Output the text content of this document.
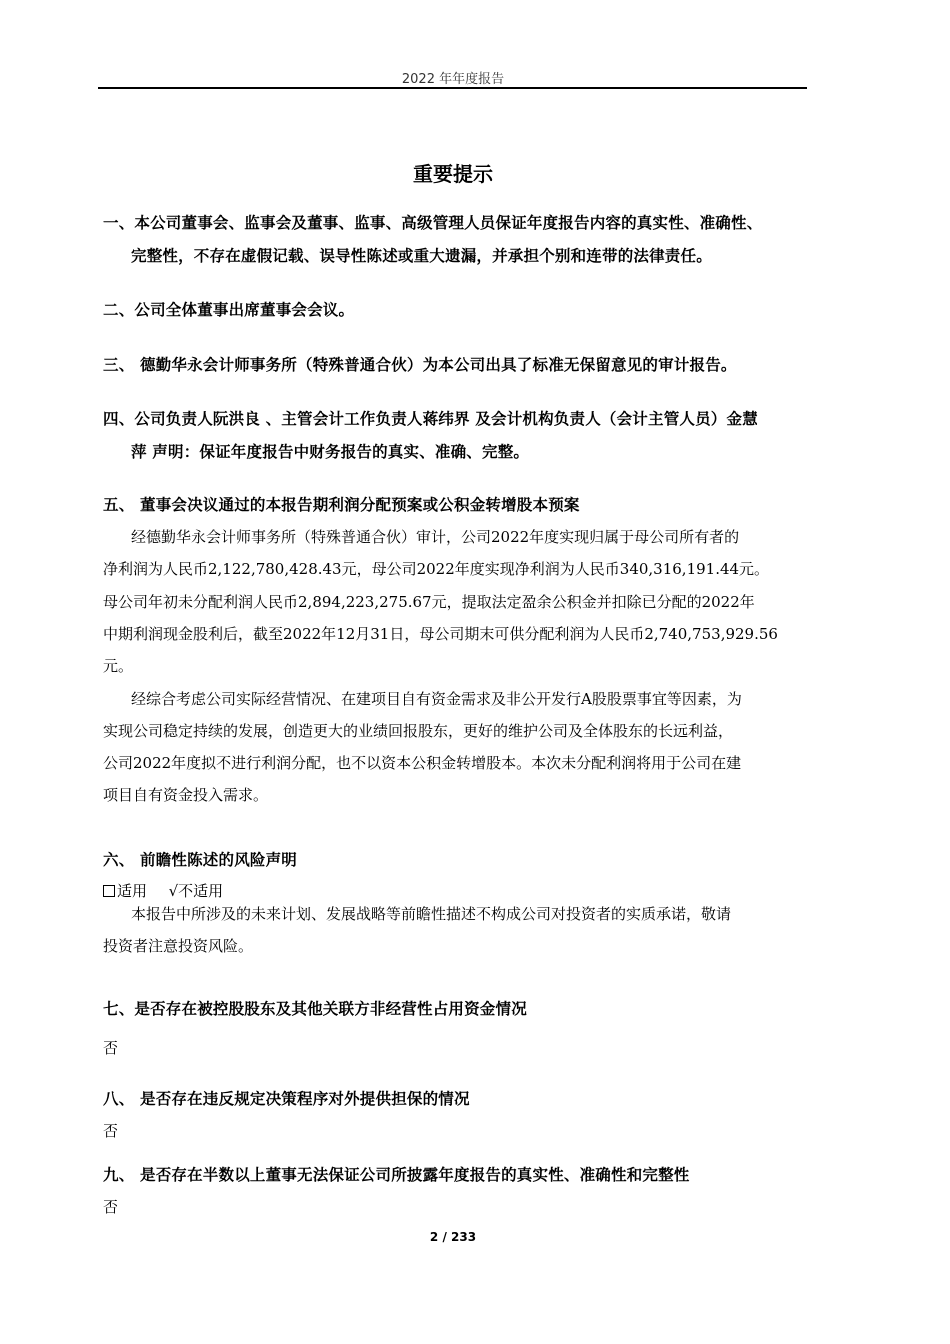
2022 年年度报告
重要提示
一、本公司董事会、监事会及董事、监事、高级管理人员保证年度报告内容的真实性、准确性、
完整性，不存在虚假记载、误导性陈述或重大遗漏，并承担个别和连带的法律责任。
二、公司全体董事出席董事会会议。
三、 德勤华永会计师事务所（特殊普通合伙）为本公司出具了标准无保留意见的审计报告。
四、公司负责人阮洪良 、主管会计工作负责人蒋纬界 及会计机构负责人（会计主管人员）金慧
萍 声明：保证年度报告中财务报告的真实、准确、完整。
五、 董事会决议通过的本报告期利润分配预案或公积金转增股本预案
经德勤华永会计师事务所（特殊普通合伙）审计，公司2022年度实现归属于母公司所有者的
净利润为人民币2,122,780,428.43元，母公司2022年度实现净利润为人民币340,316,191.44元。
母公司年初未分配利润人民币2,894,223,275.67元，提取法定盈余公积金并扣除已分配的2022年
中期利润现金股利后，截至2022年12月31日，母公司期末可供分配利润为人民币2,740,753,929.56
元。
经综合考虑公司实际经营情况、在建项目自有资金需求及非公开发行A股股票事宜等因素，为
实现公司稳定持续的发展，创造更大的业绩回报股东，更好的维护公司及全体股东的长远利益，
公司2022年度拟不进行利润分配，也不以资本公积金转增股本。本次未分配利润将用于公司在建
项目自有资金投入需求。
六、 前瞻性陈述的风险声明
适用 √不适用
本报告中所涉及的未来计划、发展战略等前瞻性描述不构成公司对投资者的实质承诺，敬请
投资者注意投资风险。
七、是否存在被控股股东及其他关联方非经营性占用资金情况
否
八、 是否存在违反规定决策程序对外提供担保的情况
否
九、 是否存在半数以上董事无法保证公司所披露年度报告的真实性、准确性和完整性
否
2 / 233
